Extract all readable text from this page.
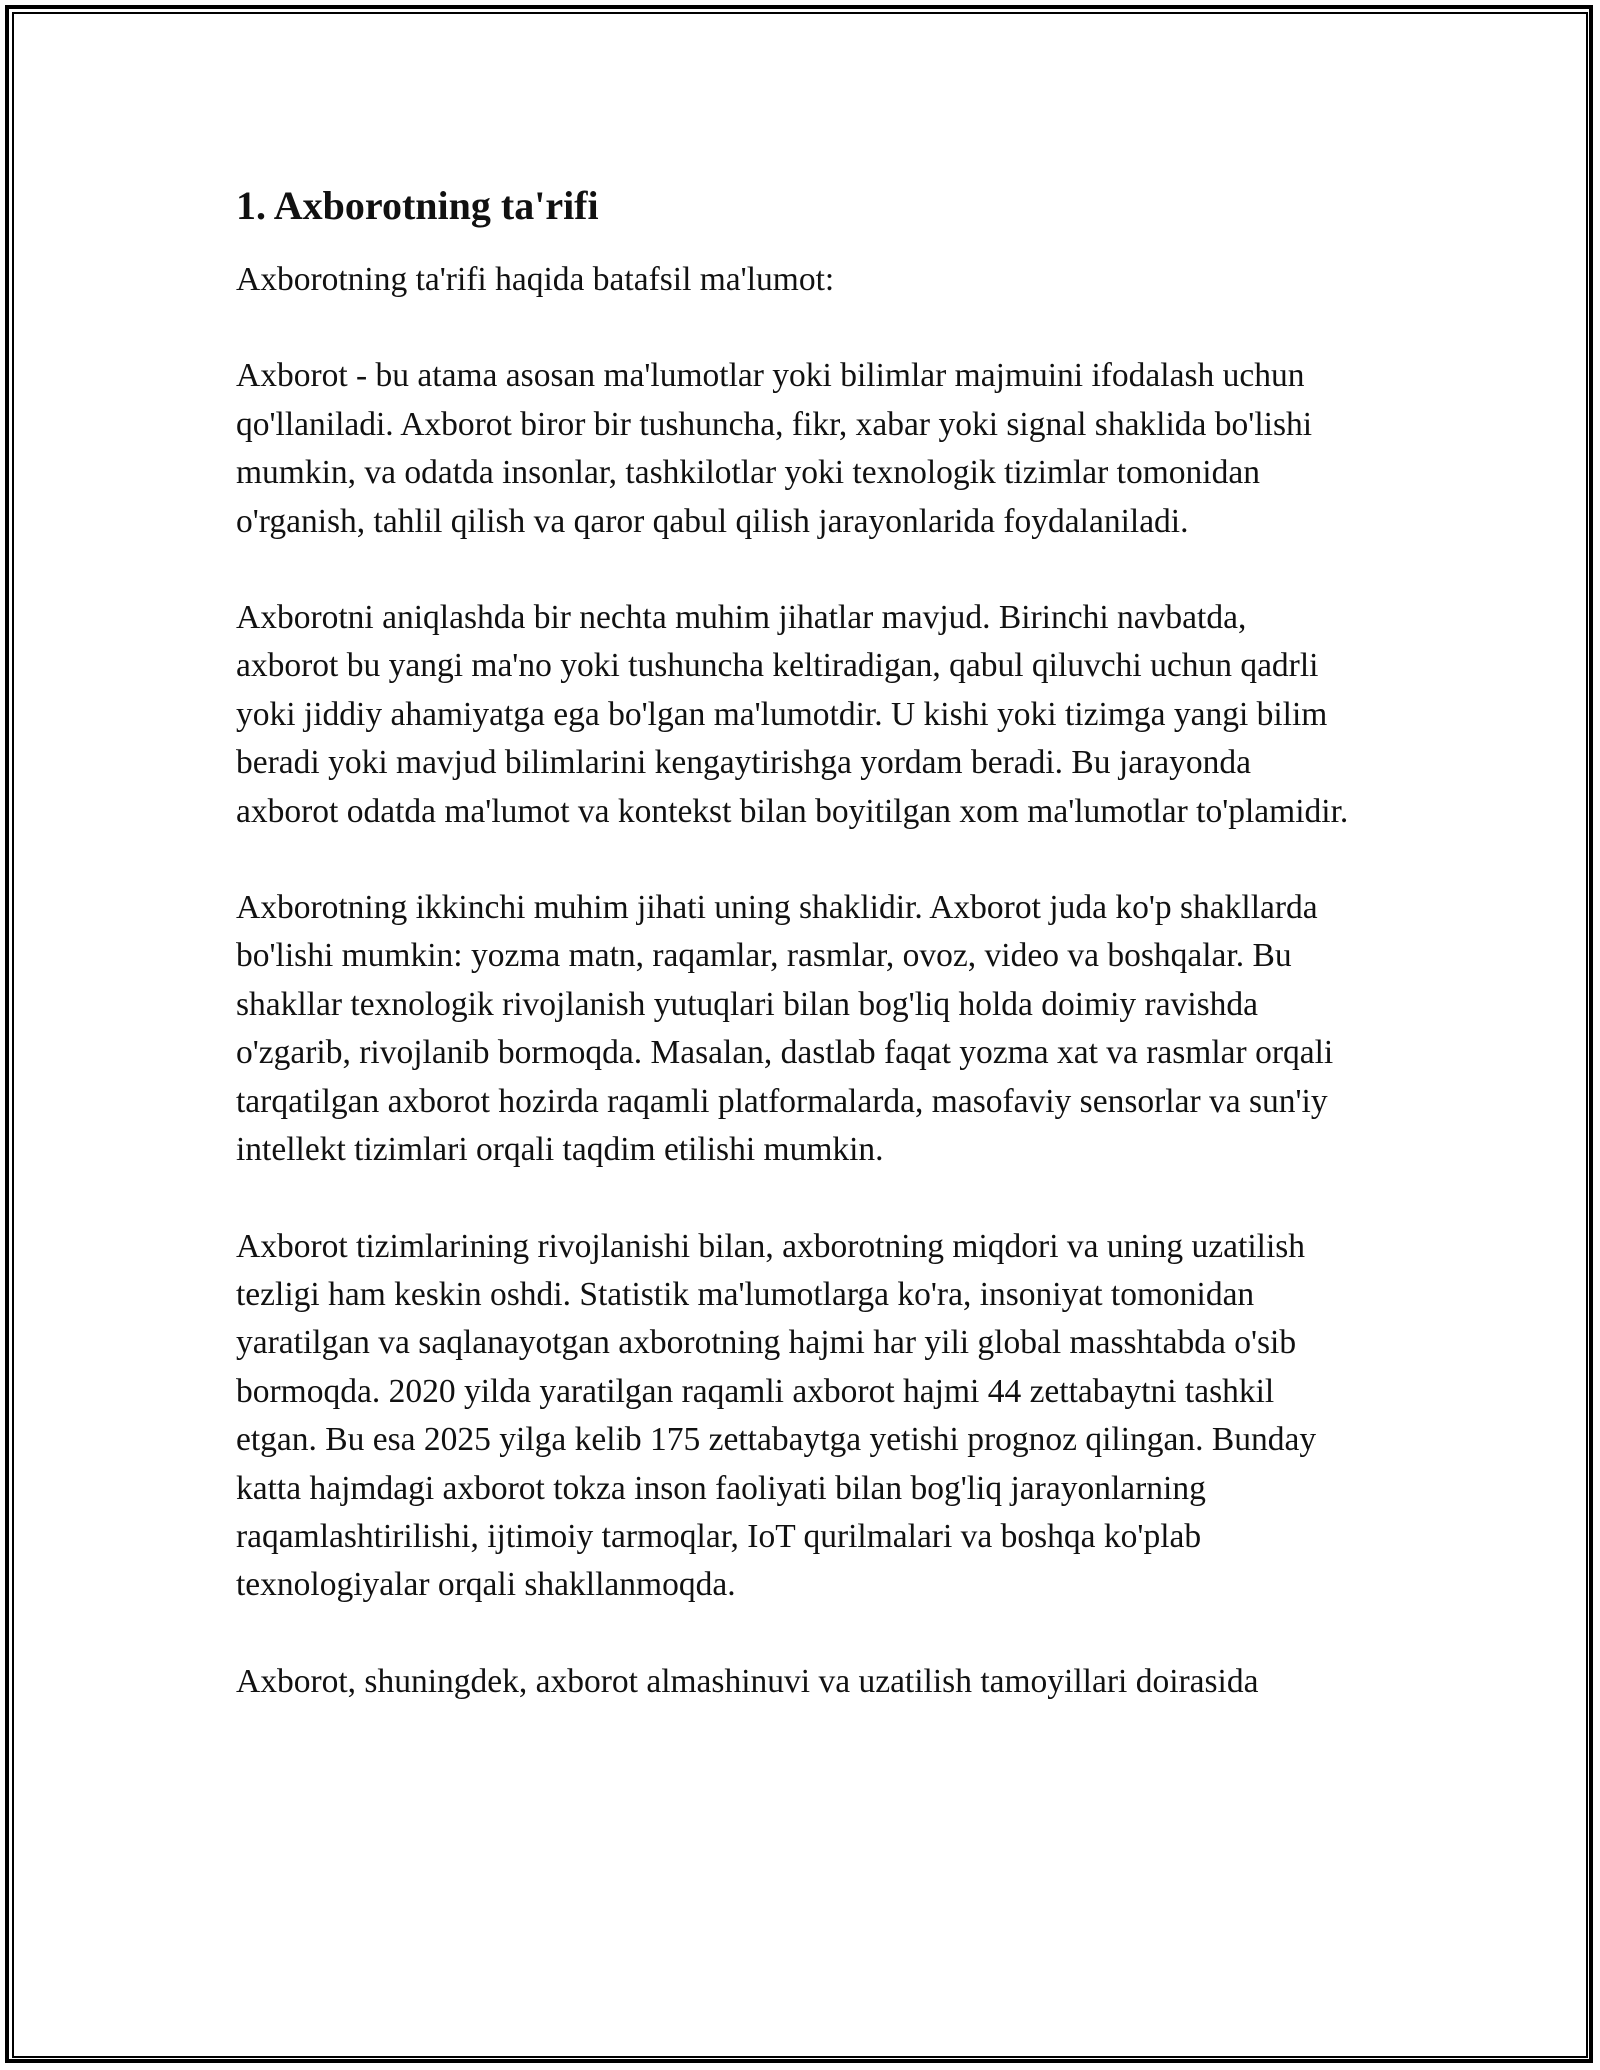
1. Axborotning ta'rifi

Axborotning ta'rifi haqida batafsil ma'lumot:

Axborot - bu atama asosan ma'lumotlar yoki bilimlar majmuini ifodalash uchun qo'llaniladi. Axborot biror bir tushuncha, fikr, xabar yoki signal shaklida bo'lishi mumkin, va odatda insonlar, tashkilotlar yoki texnologik tizimlar tomonidan o'rganish, tahlil qilish va qaror qabul qilish jarayonlarida foydalaniladi.

Axborotni aniqlashda bir nechta muhim jihatlar mavjud. Birinchi navbatda, axborot bu yangi ma'no yoki tushuncha keltiradigan, qabul qiluvchi uchun qadrli yoki jiddiy ahamiyatga ega bo'lgan ma'lumotdir. U kishi yoki tizimga yangi bilim beradi yoki mavjud bilimlarini kengaytirishga yordam beradi. Bu jarayonda axborot odatda ma'lumot va kontekst bilan boyitilgan xom ma'lumotlar to'plamidir.

Axborotning ikkinchi muhim jihati uning shaklidir. Axborot juda ko'p shakllarda bo'lishi mumkin: yozma matn, raqamlar, rasmlar, ovoz, video va boshqalar. Bu shakllar texnologik rivojlanish yutuqlari bilan bog'liq holda doimiy ravishda o'zgarib, rivojlanib bormoqda. Masalan, dastlab faqat yozma xat va rasmlar orqali tarqatilgan axborot hozirda raqamli platformalarda, masofaviy sensorlar va sun'iy intellekt tizimlari orqali taqdim etilishi mumkin.

Axborot tizimlarining rivojlanishi bilan, axborotning miqdori va uning uzatilish tezligi ham keskin oshdi. Statistik ma'lumotlarga ko'ra, insoniyat tomonidan yaratilgan va saqlanayotgan axborotning hajmi har yili global masshtabda o'sib bormoqda. 2020 yilda yaratilgan raqamli axborot hajmi 44 zettabaytni tashkil etgan. Bu esa 2025 yilga kelib 175 zettabaytga yetishi prognoz qilingan. Bunday katta hajmdagi axborot tokza inson faoliyati bilan bog'liq jarayonlarning raqamlashtirilishi, ijtimoiy tarmoqlar, IoT qurilmalari va boshqa ko'plab texnologiyalar orqali shakllanmoqda.

Axborot, shuningdek, axborot almashinuvi va uzatilish tamoyillari doirasida
